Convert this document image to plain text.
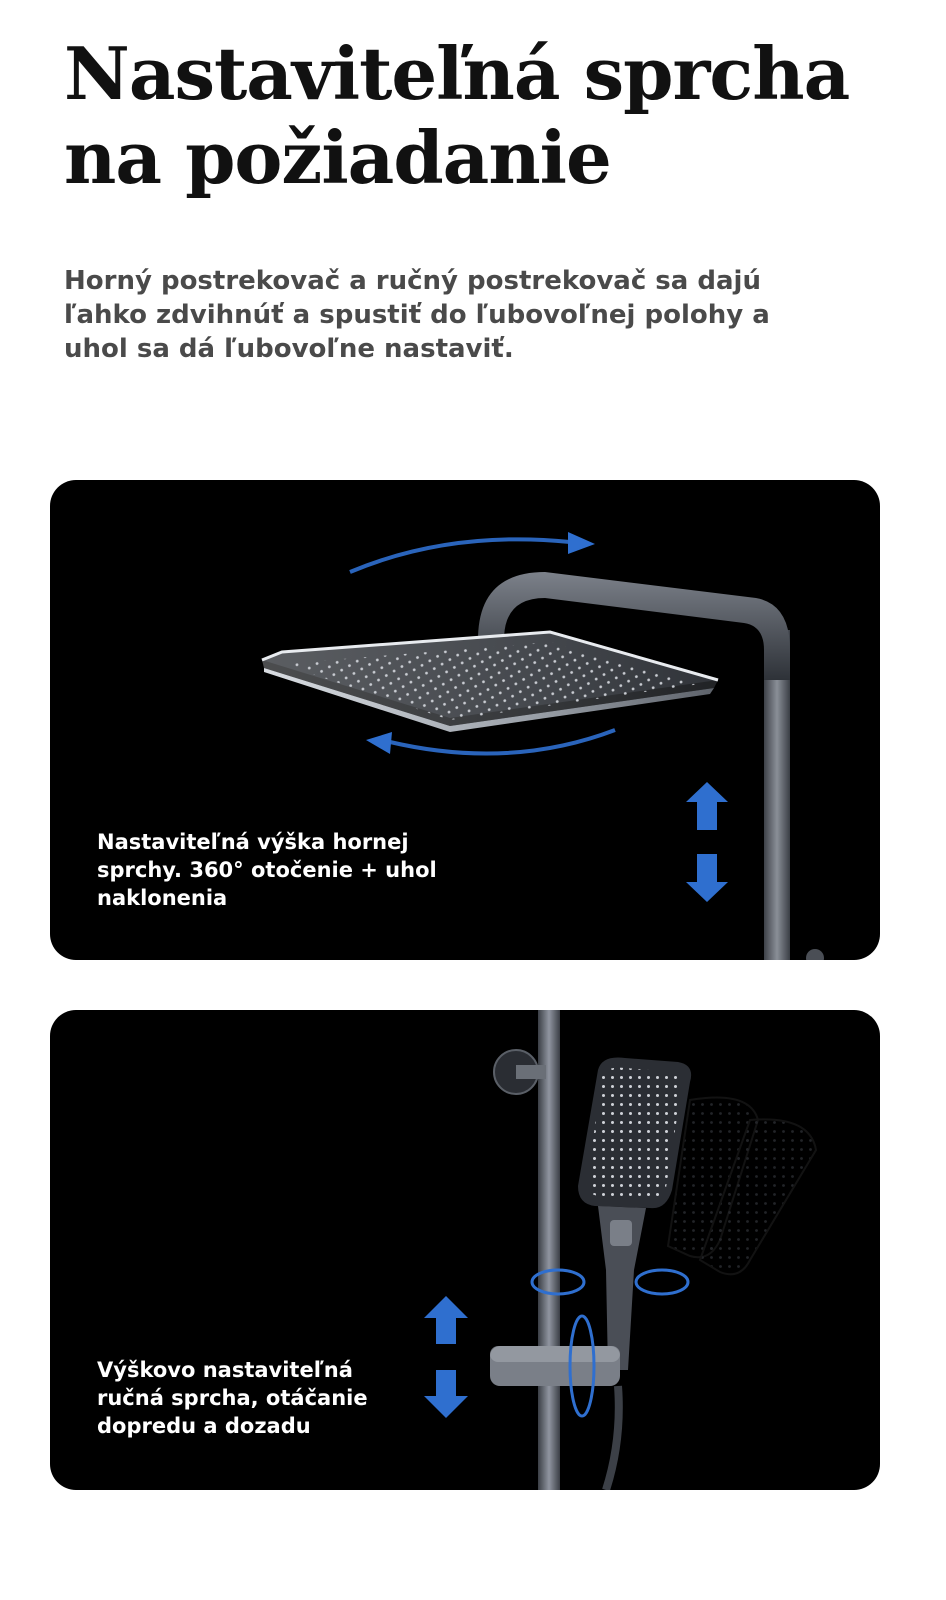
Nastaviteľná sprcha
na požiadanie

Horný postrekovač a ručný postrekovač sa dajú ľahko zdvihnúť a spustiť do ľubovoľnej polohy a uhol sa dá ľubovoľne nastaviť.

Nastaviteľná výška hornej
sprchy. 360° otočenie + uhol
naklonenia

Výškovo nastaviteľná
ručná sprcha, otáčanie
dopredu a dozadu
